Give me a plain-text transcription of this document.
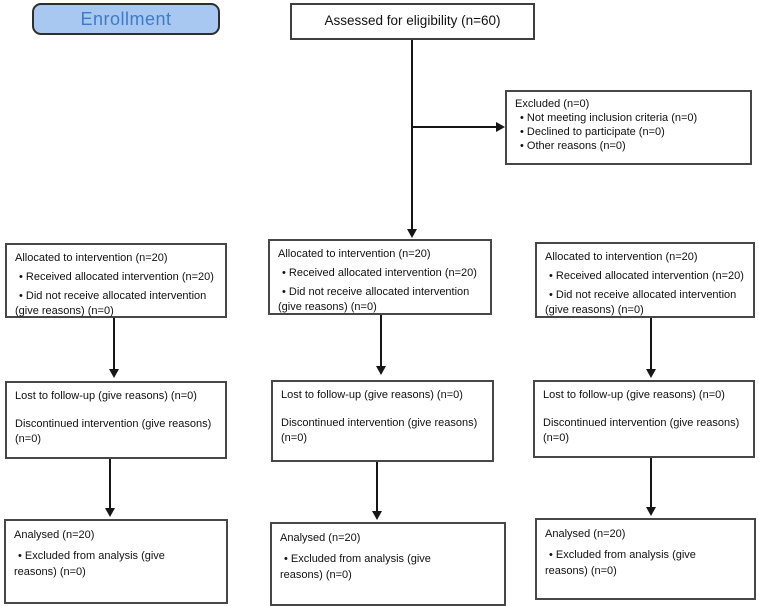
Enrollment	Assessed for eligibility (n=60)
Excluded (n=0)
• Not meeting inclusion criteria (n=0)
• Declined to participate (n=0)
• Other reasons (n=0)
Allocated to intervention (n=20)
• Received allocated intervention (n=20)
• Did not receive allocated intervention
(give reasons) (n=0)
Allocated to intervention (n=20)
• Received allocated intervention (n=20)
• Did not receive allocated intervention
(give reasons) (n=0)
Allocated to intervention (n=20)
• Received allocated intervention (n=20)
• Did not receive allocated intervention
(give reasons) (n=0)
Lost to follow-up (give reasons) (n=0)
Discontinued intervention (give reasons)
(n=0)
Lost to follow-up (give reasons) (n=0)
Discontinued intervention (give reasons)
(n=0)
Lost to follow-up (give reasons) (n=0)
Discontinued intervention (give reasons)
(n=0)
Analysed (n=20)
• Excluded from analysis (give
reasons) (n=0)
Analysed (n=20)
• Excluded from analysis (give
reasons) (n=0)
Analysed (n=20)
• Excluded from analysis (give
reasons) (n=0)
